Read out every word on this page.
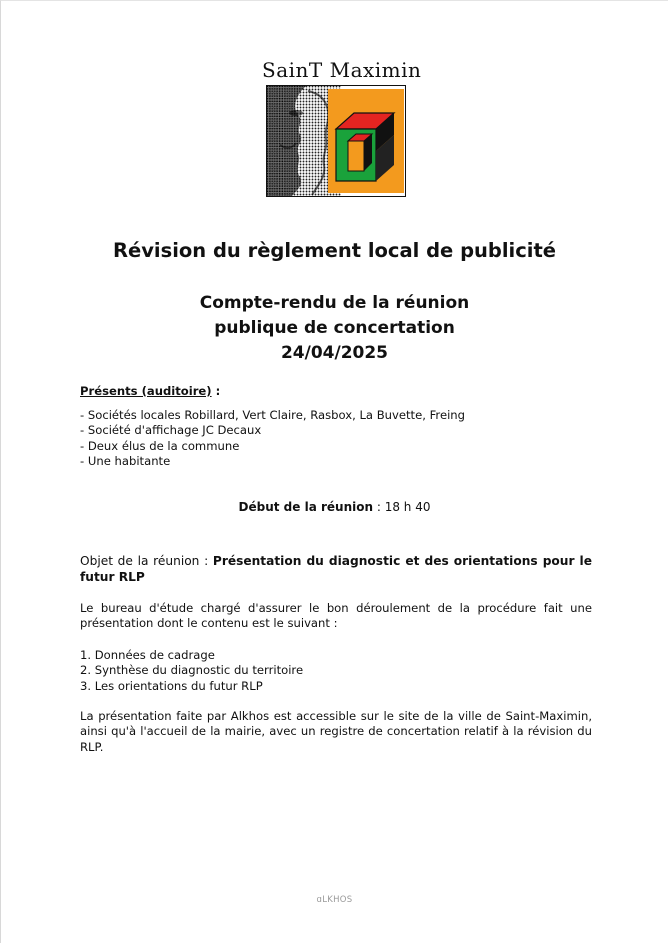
SainT Maximin
Révision du règlement local de publicité
Compte-rendu de la réunion
publique de concertation
24/04/2025
Présents (auditoire) :
- Sociétés locales Robillard, Vert Claire, Rasbox, La Buvette, Freing
- Société d'affichage JC Decaux
- Deux élus de la commune
- Une habitante
Début de la réunion : 18 h 40
Objet de la réunion : Présentation du diagnostic et des orientations pour le futur RLP
Le bureau d'étude chargé d'assurer le bon déroulement de la procédure fait une présentation dont le contenu est le suivant :
1. Données de cadrage
2. Synthèse du diagnostic du territoire
3. Les orientations du futur RLP
La présentation faite par Alkhos est accessible sur le site de la ville de Saint-Maximin, ainsi qu'à l'accueil de la mairie, avec un registre de concertation relatif à la révision du RLP.
ɑLKHOS
